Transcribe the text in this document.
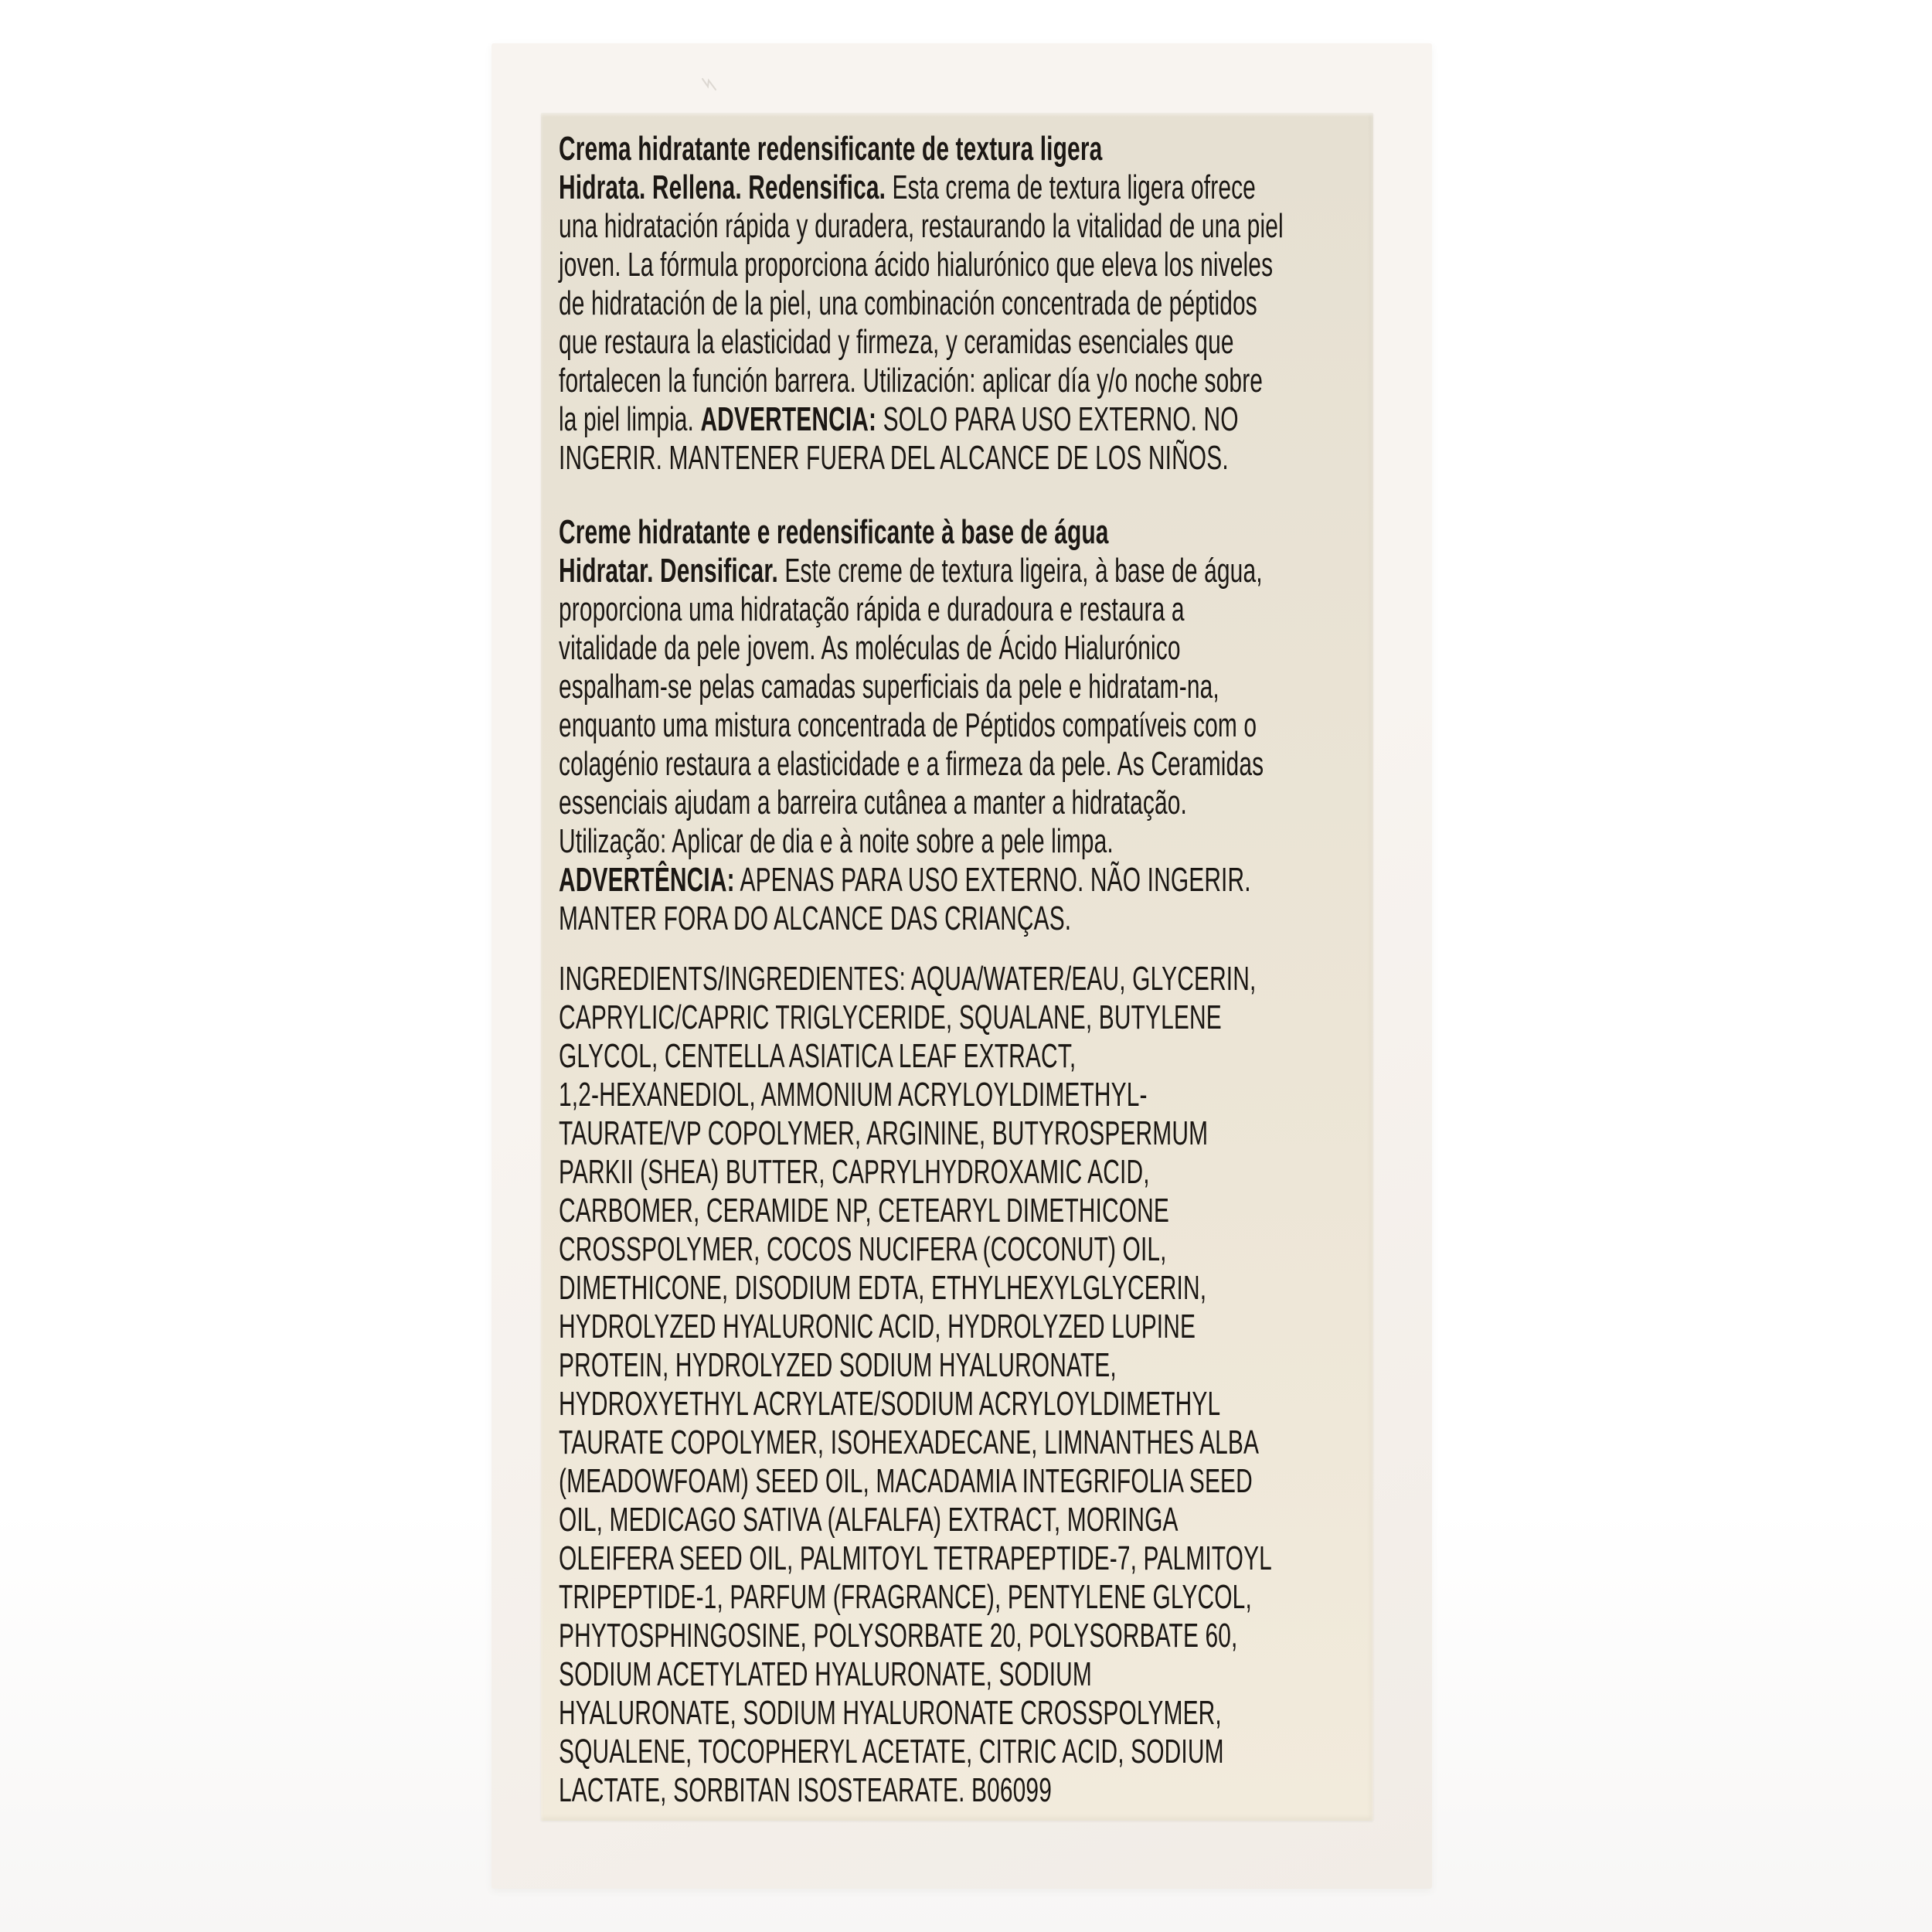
Crema hidratante redensificante de textura ligera
Hidrata. Rellena. Redensifica. Esta crema de textura ligera ofrece
una hidratación rápida y duradera, restaurando la vitalidad de una piel
joven. La fórmula proporciona ácido hialurónico que eleva los niveles
de hidratación de la piel, una combinación concentrada de péptidos
que restaura la elasticidad y firmeza, y ceramidas esenciales que
fortalecen la función barrera. Utilización: aplicar día y/o noche sobre
la piel limpia. ADVERTENCIA: SOLO PARA USO EXTERNO. NO
INGERIR. MANTENER FUERA DEL ALCANCE DE LOS NIÑOS.
Creme hidratante e redensificante à base de água
Hidratar. Densificar. Este creme de textura ligeira, à base de água,
proporciona uma hidratação rápida e duradoura e restaura a
vitalidade da pele jovem. As moléculas de Ácido Hialurónico
espalham-se pelas camadas superficiais da pele e hidratam-na,
enquanto uma mistura concentrada de Péptidos compatíveis com o
colagénio restaura a elasticidade e a firmeza da pele. As Ceramidas
essenciais ajudam a barreira cutânea a manter a hidratação.
Utilização: Aplicar de dia e à noite sobre a pele limpa.
ADVERTÊNCIA: APENAS PARA USO EXTERNO. NÃO INGERIR.
MANTER FORA DO ALCANCE DAS CRIANÇAS.
INGREDIENTS/INGREDIENTES: AQUA/WATER/EAU, GLYCERIN,
CAPRYLIC/CAPRIC TRIGLYCERIDE, SQUALANE, BUTYLENE
GLYCOL, CENTELLA ASIATICA LEAF EXTRACT,
1,2-HEXANEDIOL, AMMONIUM ACRYLOYLDIMETHYL-
TAURATE/VP COPOLYMER, ARGININE, BUTYROSPERMUM
PARKII (SHEA) BUTTER, CAPRYLHYDROXAMIC ACID,
CARBOMER, CERAMIDE NP, CETEARYL DIMETHICONE
CROSSPOLYMER, COCOS NUCIFERA (COCONUT) OIL,
DIMETHICONE, DISODIUM EDTA, ETHYLHEXYLGLYCERIN,
HYDROLYZED HYALURONIC ACID, HYDROLYZED LUPINE
PROTEIN, HYDROLYZED SODIUM HYALURONATE,
HYDROXYETHYL ACRYLATE/SODIUM ACRYLOYLDIMETHYL
TAURATE COPOLYMER, ISOHEXADECANE, LIMNANTHES ALBA
(MEADOWFOAM) SEED OIL, MACADAMIA INTEGRIFOLIA SEED
OIL, MEDICAGO SATIVA (ALFALFA) EXTRACT, MORINGA
OLEIFERA SEED OIL, PALMITOYL TETRAPEPTIDE-7, PALMITOYL
TRIPEPTIDE-1, PARFUM (FRAGRANCE), PENTYLENE GLYCOL,
PHYTOSPHINGOSINE, POLYSORBATE 20, POLYSORBATE 60,
SODIUM ACETYLATED HYALURONATE, SODIUM
HYALURONATE, SODIUM HYALURONATE CROSSPOLYMER,
SQUALENE, TOCOPHERYL ACETATE, CITRIC ACID, SODIUM
LACTATE, SORBITAN ISOSTEARATE. B06099
